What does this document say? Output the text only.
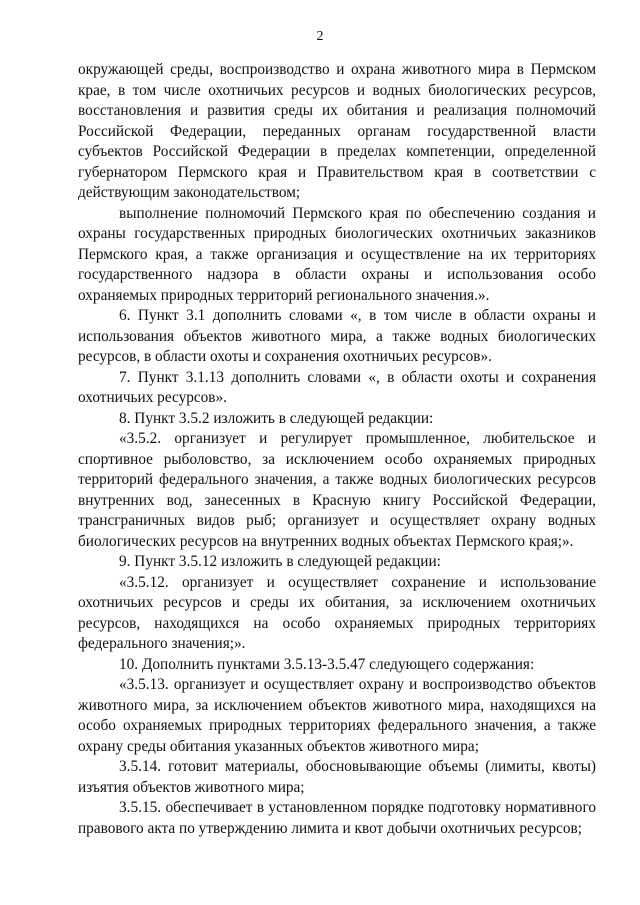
2

окружающей среды, воспроизводство и охрана животного мира в Пермском крае, в том числе охотничьих ресурсов и водных биологических ресурсов, восстановления и развития среды их обитания и реализация полномочий Российской Федерации, переданных органам государственной власти субъектов Российской Федерации в пределах компетенции, определенной губернатором Пермского края и Правительством края в соответствии с действующим законодательством;

выполнение полномочий Пермского края по обеспечению создания и охраны государственных природных биологических охотничьих заказников Пермского края, а также организация и осуществление на их территориях государственного надзора в области охраны и использования особо охраняемых природных территорий регионального значения.».

6. Пункт 3.1 дополнить словами «, в том числе в области охраны и использования объектов животного мира, а также водных биологических ресурсов, в области охоты и сохранения охотничьих ресурсов».

7. Пункт 3.1.13 дополнить словами «, в области охоты и сохранения охотничьих ресурсов».

8. Пункт 3.5.2 изложить в следующей редакции:

«3.5.2. организует и регулирует промышленное, любительское и спортивное рыболовство, за исключением особо охраняемых природных территорий федерального значения, а также водных биологических ресурсов внутренних вод, занесенных в Красную книгу Российской Федерации, трансграничных видов рыб; организует и осуществляет охрану водных биологических ресурсов на внутренних водных объектах Пермского края;».

9. Пункт 3.5.12 изложить в следующей редакции:

«3.5.12. организует и осуществляет сохранение и использование охотничьих ресурсов и среды их обитания, за исключением охотничьих ресурсов, находящихся на особо охраняемых природных территориях федерального значения;».

10. Дополнить пунктами 3.5.13-3.5.47 следующего содержания:

«3.5.13. организует и осуществляет охрану и воспроизводство объектов животного мира, за исключением объектов животного мира, находящихся на особо охраняемых природных территориях федерального значения, а также охрану среды обитания указанных объектов животного мира;

3.5.14. готовит материалы, обосновывающие объемы (лимиты, квоты) изъятия объектов животного мира;

3.5.15. обеспечивает в установленном порядке подготовку нормативного правового акта по утверждению лимита и квот добычи охотничьих ресурсов;
